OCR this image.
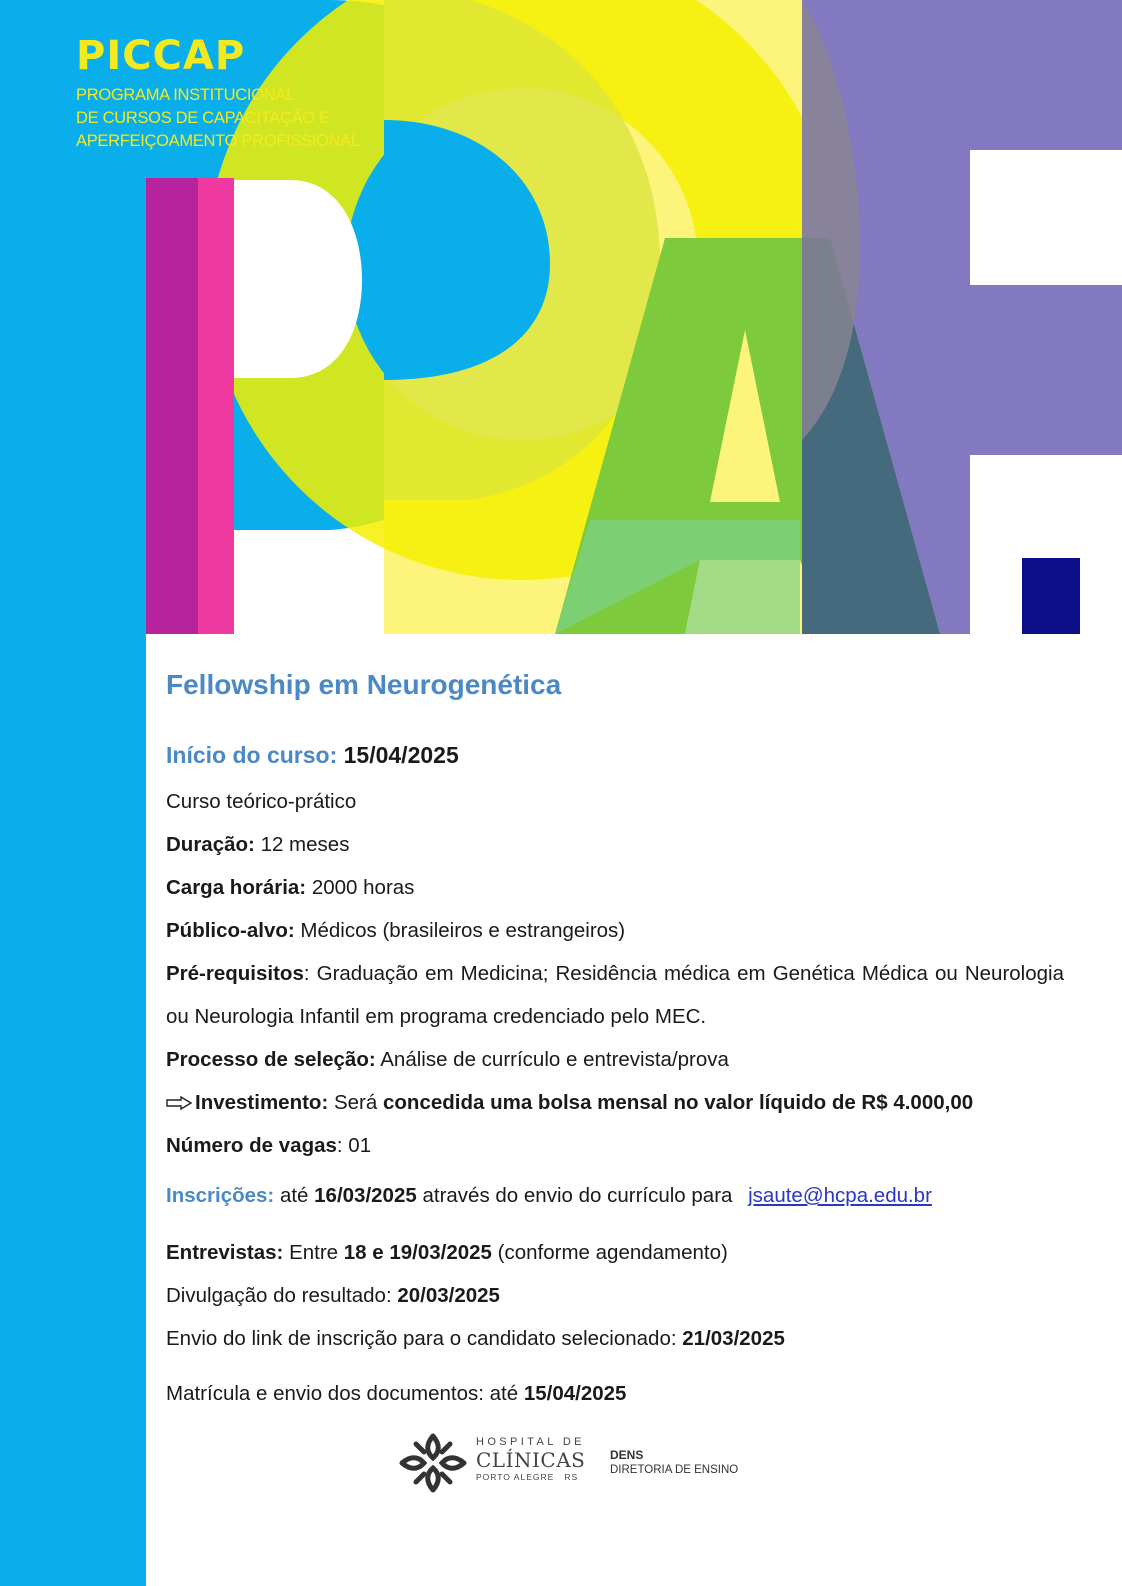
PICCAP
PROGRAMA INSTITUCIONAL
DE CURSOS DE CAPACITAÇÃO E
APERFEIÇOAMENTO PROFISSIONAL
Fellowship em Neurogenética

Início do curso: 15/04/2025

Curso teórico-prático

Duração: 12 meses

Carga horária: 2000 horas

Público-alvo: Médicos (brasileiros e estrangeiros)

Pré-requisitos: Graduação em Medicina; Residência médica em Genética Médica ou Neurologia ou Neurologia Infantil em programa credenciado pelo MEC.

Processo de seleção: Análise de currículo e entrevista/prova

Investimento: Será concedida uma bolsa mensal no valor líquido de R$ 4.000,00

Número de vagas: 01

Inscrições: até 16/03/2025 através do envio do currículo para jsaute@hcpa.edu.br

Entrevistas: Entre 18 e 19/03/2025 (conforme agendamento)

Divulgação do resultado: 20/03/2025

Envio do link de inscrição para o candidato selecionado: 21/03/2025

Matrícula e envio dos documentos: até 15/04/2025

HOSPITAL DE
CLÍNICAS
PORTO ALEGRE   RS
DENS
DIRETORIA DE ENSINO
